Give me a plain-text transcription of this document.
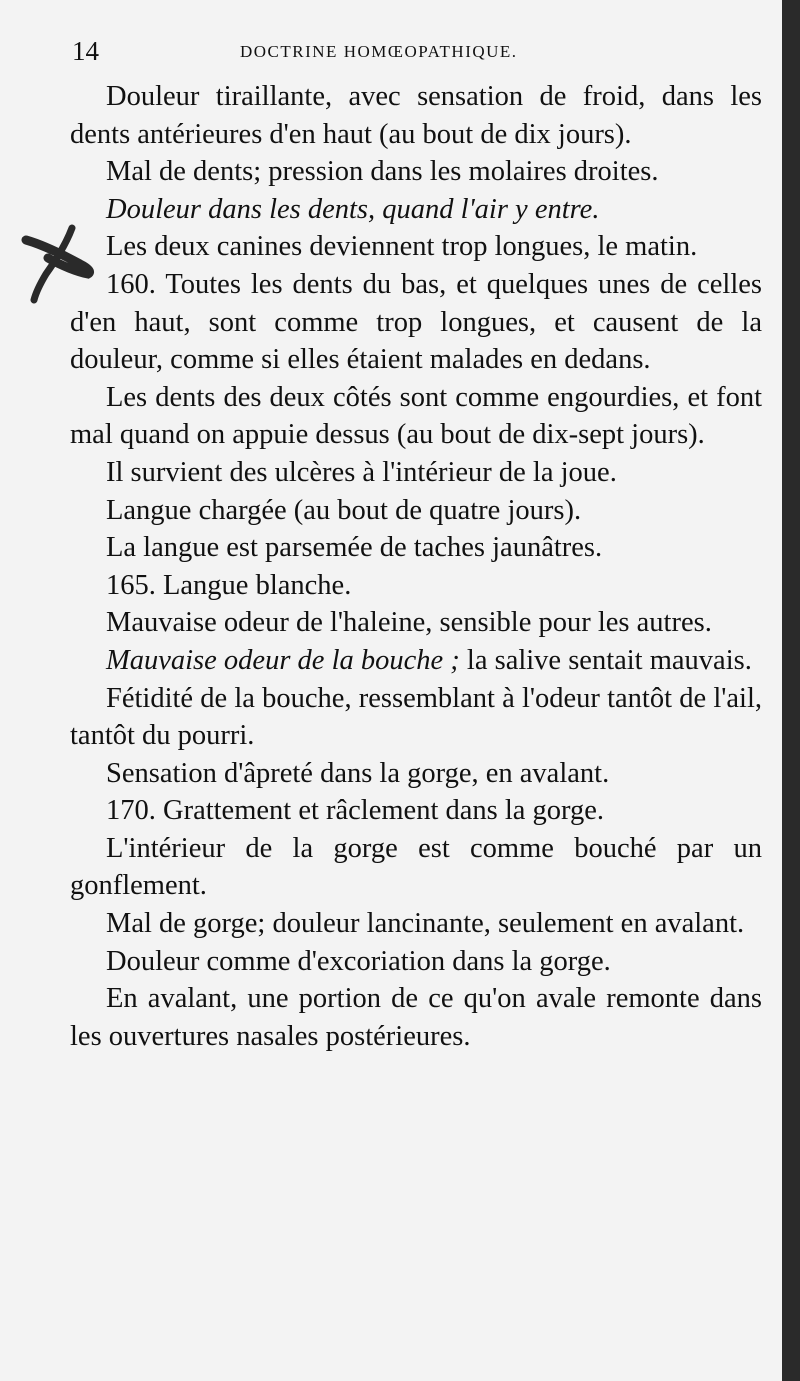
14	DOCTRINE HOMŒOPATHIQUE.

Douleur tiraillante, avec sensation de froid, dans les dents antérieures d'en haut (au bout de dix jours).

Mal de dents; pression dans les molaires droites.

Douleur dans les dents, quand l'air y entre.

Les deux canines deviennent trop longues, le matin.

160. Toutes les dents du bas, et quelques unes de celles d'en haut, sont comme trop longues, et causent de la douleur, comme si elles étaient malades en dedans.

Les dents des deux côtés sont comme engourdies, et font mal quand on appuie dessus (au bout de dix-sept jours).

Il survient des ulcères à l'intérieur de la joue.

Langue chargée (au bout de quatre jours).

La langue est parsemée de taches jaunâtres.

165. Langue blanche.

Mauvaise odeur de l'haleine, sensible pour les autres.

Mauvaise odeur de la bouche ; la salive sentait mauvais.

Fétidité de la bouche, ressemblant à l'odeur tantôt de l'ail, tantôt du pourri.

Sensation d'âpreté dans la gorge, en avalant.

170. Grattement et râclement dans la gorge.

L'intérieur de la gorge est comme bouché par un gonflement.

Mal de gorge; douleur lancinante, seulement en avalant.

Douleur comme d'excoriation dans la gorge.

En avalant, une portion de ce qu'on avale remonte dans les ouvertures nasales postérieures.
